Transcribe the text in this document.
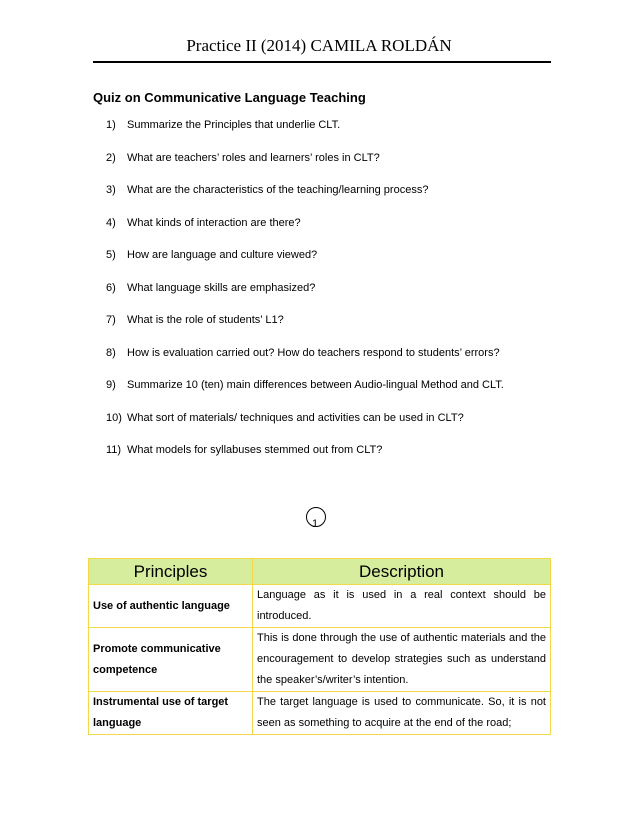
Practice II (2014) CAMILA ROLDÁN
Quiz on Communicative Language Teaching
1)	Summarize the Principles that underlie CLT.
2)	What are teachers’ roles and learners’ roles in CLT?
3)	What are the characteristics of the teaching/learning process?
4)	What kinds of interaction are there?
5)	How are language and culture viewed?
6)	What language skills are emphasized?
7)	What is the role of students’ L1?
8)	How is evaluation carried out? How do teachers respond to students’ errors?
9)	Summarize 10 (ten) main differences between Audio-lingual Method and CLT.
10) What sort of materials/ techniques and activities can be used in CLT?
11) What models for syllabuses stemmed out from CLT?
1
Principles	Description
Use of authentic language	Language as it is used in a real context should be introduced.
Promote communicative competence	This is done through the use of authentic materials and the encouragement to develop strategies such as understand the speaker’s/writer’s intention.
Instrumental use of target language	The target language is used to communicate. So, it is not seen as something to acquire at the end of the road;
